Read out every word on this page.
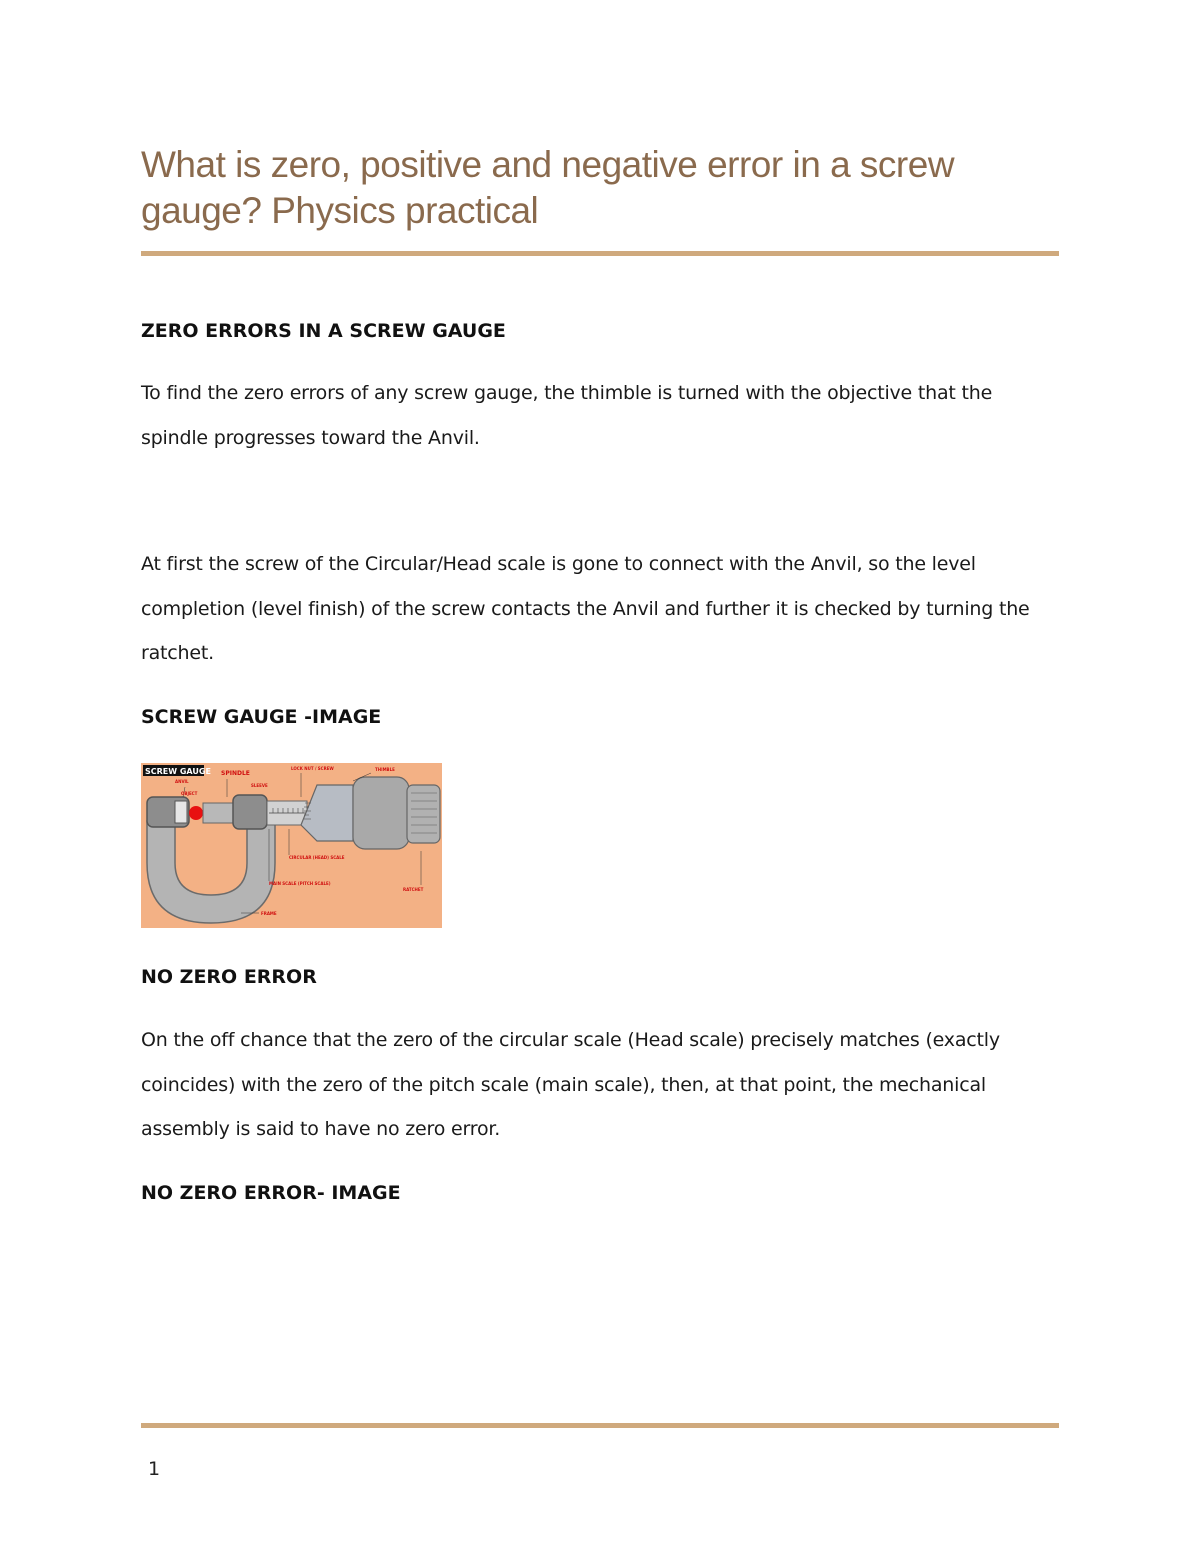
What is zero, positive and negative error in a screw gauge? Physics practical
ZERO ERRORS IN A SCREW GAUGE

To find the zero errors of any screw gauge, the thimble is turned with the objective that the spindle progresses toward the Anvil.

At first the screw of the Circular/Head scale is gone to connect with the Anvil, so the level completion (level finish) of the screw contacts the Anvil and further it is checked by turning the ratchet.

SCREW GAUGE -IMAGE
SCREW GAUGE
ANVIL
OBJECT
SPINDLE
SLEEVE
LOCK NUT / SCREW	THIMBLE
CIRCULAR (HEAD) SCALE
MAIN SCALE (PITCH SCALE)
RATCHET
FRAME
NO ZERO ERROR

On the off chance that the zero of the circular scale (Head scale) precisely matches (exactly coincides) with the zero of the pitch scale (main scale), then, at that point, the mechanical assembly is said to have no zero error.

NO ZERO ERROR- IMAGE
1
